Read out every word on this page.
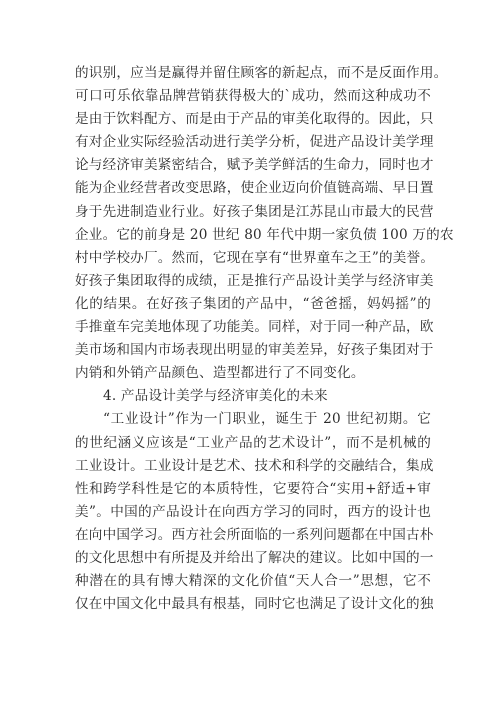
的识别，应当是赢得并留住顾客的新起点，而不是反面作用。
可口可乐依靠品牌营销获得极大的`成功，然而这种成功不
是由于饮料配方、而是由于产品的审美化取得的。因此，只
有对企业实际经验活动进行美学分析，促进产品设计美学理
论与经济审美紧密结合，赋予美学鲜活的生命力，同时也才
能为企业经营者改变思路，使企业迈向价值链高端、早日置
身于先进制造业行业。好孩子集团是江苏昆山市最大的民营
企业。它的前身是 20 世纪 80 年代中期一家负债 100 万的农
村中学校办厂。然而，它现在享有“世界童车之王”的美誉。
好孩子集团取得的成绩，正是推行产品设计美学与经济审美
化的结果。在好孩子集团的产品中，“爸爸摇，妈妈摇”的
手推童车完美地体现了功能美。同样，对于同一种产品，欧
美市场和国内市场表现出明显的审美差异，好孩子集团对于
内销和外销产品颜色、造型都进行了不同变化。
4. 产品设计美学与经济审美化的未来
“工业设计”作为一门职业，诞生于 20 世纪初期。它
的世纪涵义应该是“工业产品的艺术设计”，而不是机械的
工业设计。工业设计是艺术、技术和科学的交融结合，集成
性和跨学科性是它的本质特性，它要符合“实用+舒适+审
美”。中国的产品设计在向西方学习的同时，西方的设计也
在向中国学习。西方社会所面临的一系列问题都在中国古朴
的文化思想中有所提及并给出了解决的建议。比如中国的一
种潜在的具有博大精深的文化价值“天人合一”思想，它不
仅在中国文化中最具有根基，同时它也满足了设计文化的独
